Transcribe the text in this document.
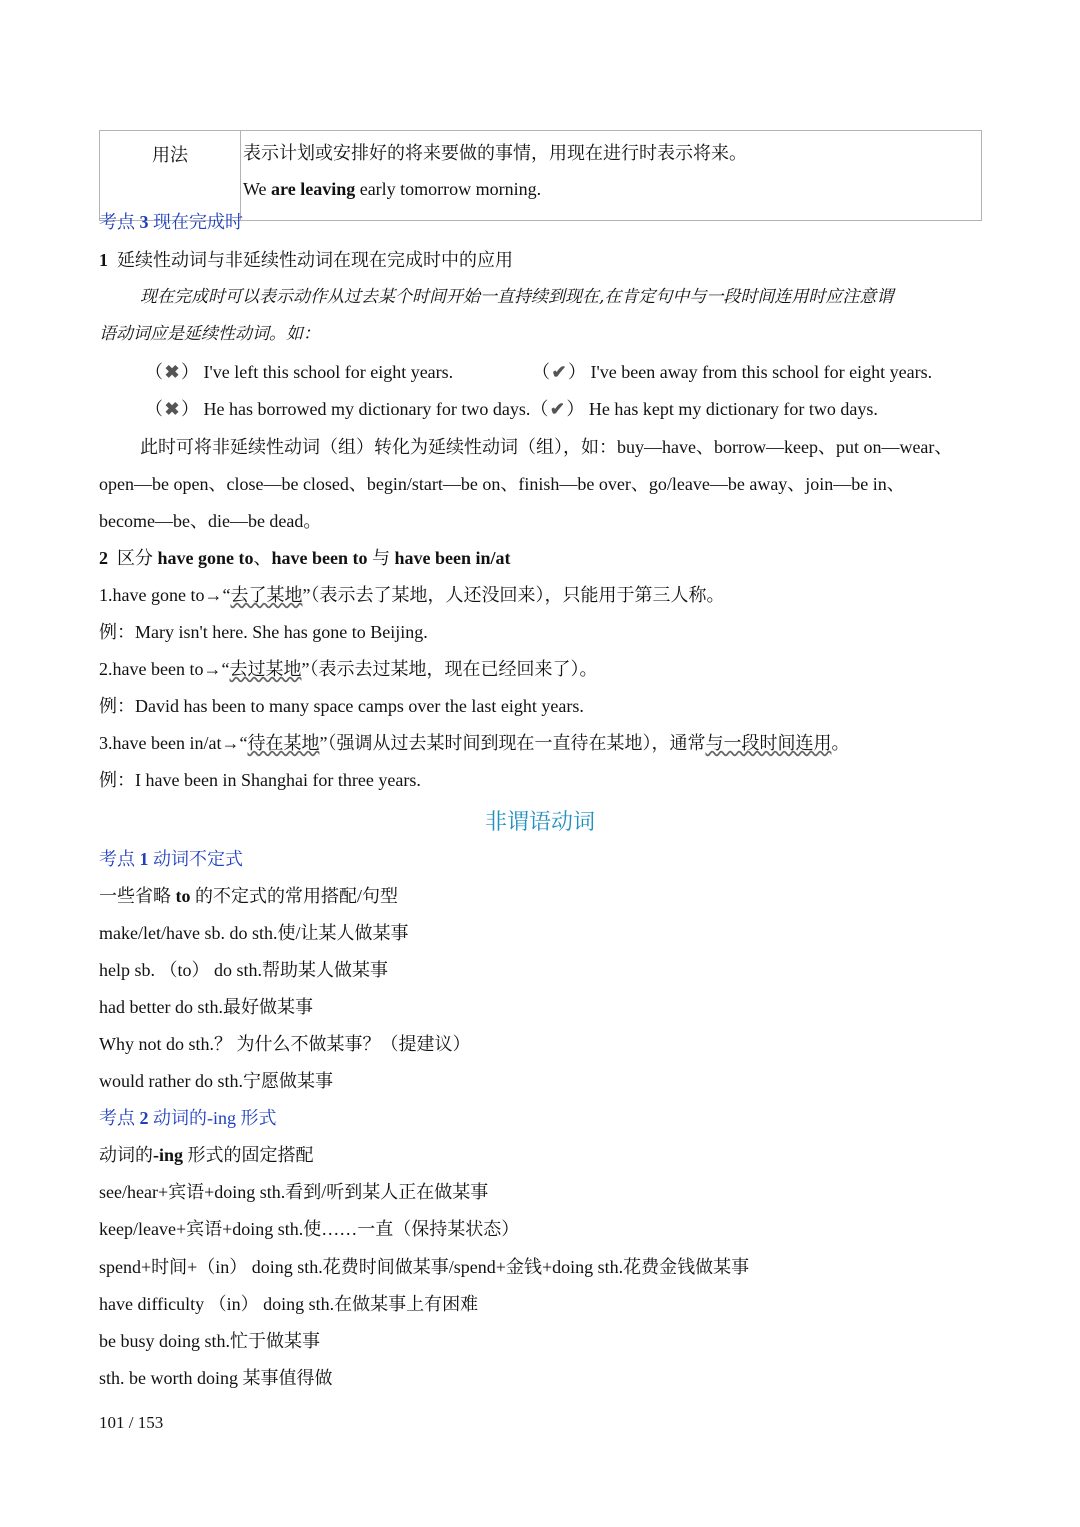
用法	表示计划或安排好的将来要做的事情，用现在进行时表示将来。
We are leaving early tomorrow morning.
考点 3 现在完成时
1 延续性动词与非延续性动词在现在完成时中的应用
现在完成时可以表示动作从过去某个时间开始一直持续到现在,在肯定句中与一段时间连用时应注意谓
语动词应是延续性动词。如：
（✖） I've left this school for eight years.	（✔） I've been away from this school for eight years.
（✖） He has borrowed my dictionary for two days.（✔） He has kept my dictionary for two days.
此时可将非延续性动词（组）转化为延续性动词（组），如：buy—have、borrow—keep、put on—wear、
open—be open、close—be closed、begin/start—be on、finish—be over、go/leave—be away、join—be in、
become—be、die—be dead。
2 区分 have gone to、have been to 与 have been in/at
1.have gone to→“去了某地”（表示去了某地，人还没回来），只能用于第三人称。
例：Mary isn't here. She has gone to Beijing.
2.have been to→“去过某地”（表示去过某地，现在已经回来了）。
例：David has been to many space camps over the last eight years.
3.have been in/at→“待在某地”（强调从过去某时间到现在一直待在某地），通常与一段时间连用。
例：I have been in Shanghai for three years.
非谓语动词
考点 1 动词不定式
一些省略 to 的不定式的常用搭配/句型
make/let/have sb. do sth.使/让某人做某事
help sb. （to） do sth.帮助某人做某事
had better do sth.最好做某事
Why not do sth.？ 为什么不做某事？（提建议）
would rather do sth.宁愿做某事
考点 2 动词的-ing 形式
动词的-ing 形式的固定搭配
see/hear+宾语+doing sth.看到/听到某人正在做某事
keep/leave+宾语+doing sth.使……一直（保持某状态）
spend+时间+（in） doing sth.花费时间做某事/spend+金钱+doing sth.花费金钱做某事
have difficulty （in） doing sth.在做某事上有困难
be busy doing sth.忙于做某事
sth. be worth doing 某事值得做
101 / 153
